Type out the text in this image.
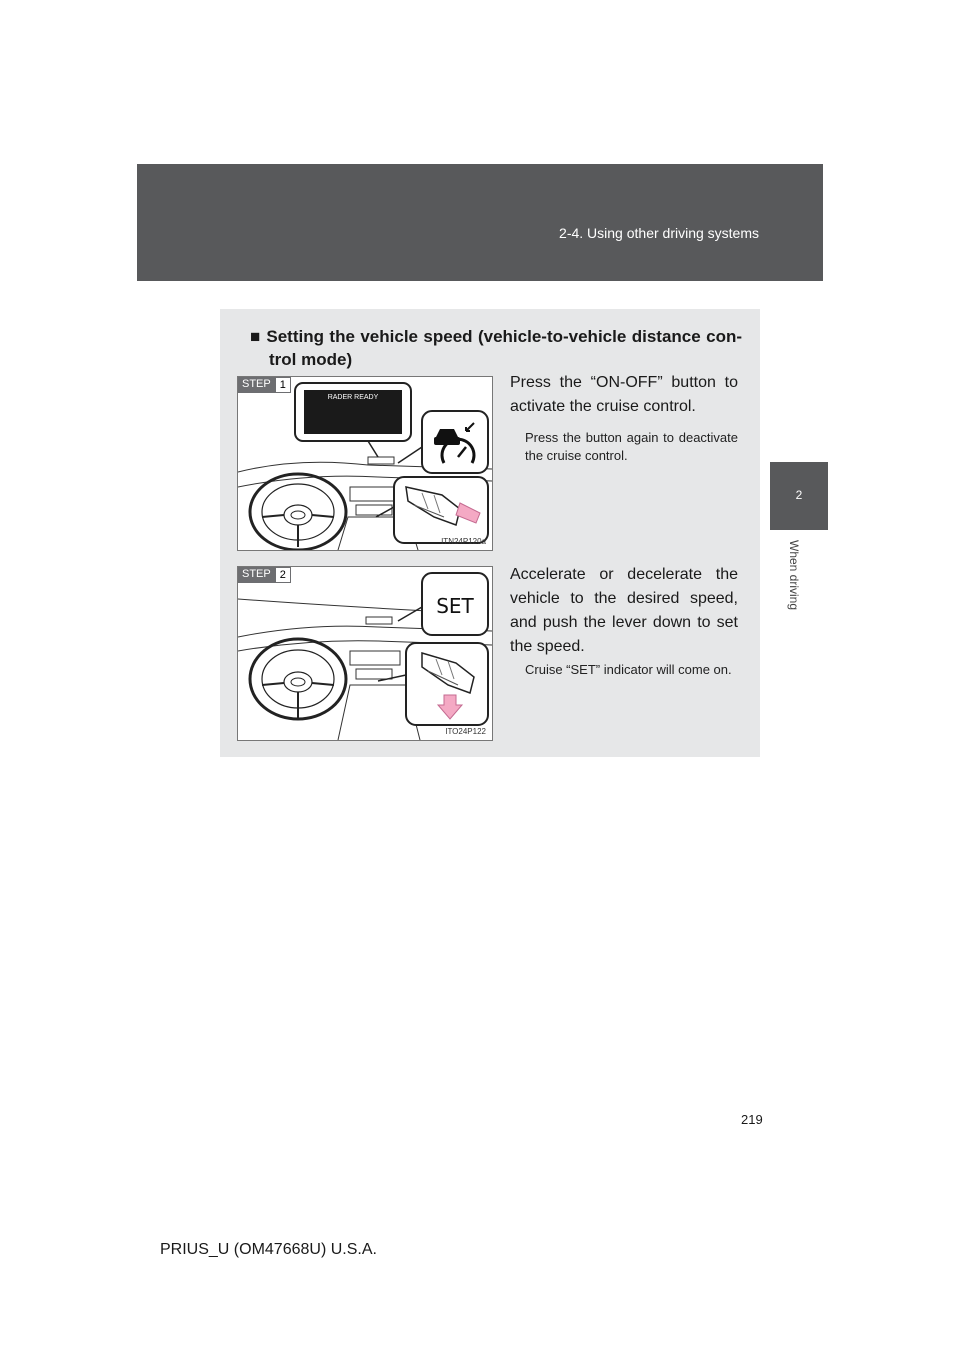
2-4. Using other driving systems
2
When driving
■ Setting the vehicle speed (vehicle-to-vehicle distance con-trol mode)
STEP 1
RADER READY
ITN24P120a
Press the “ON-OFF” button to activate the cruise control.
Press the button again to deactivate the cruise control.
STEP 2
SET
ITO24P122
Accelerate or decelerate the vehicle to the desired speed, and push the lever down to set the speed.
Cruise “SET” indicator will come on.
219
PRIUS_U (OM47668U) U.S.A.
